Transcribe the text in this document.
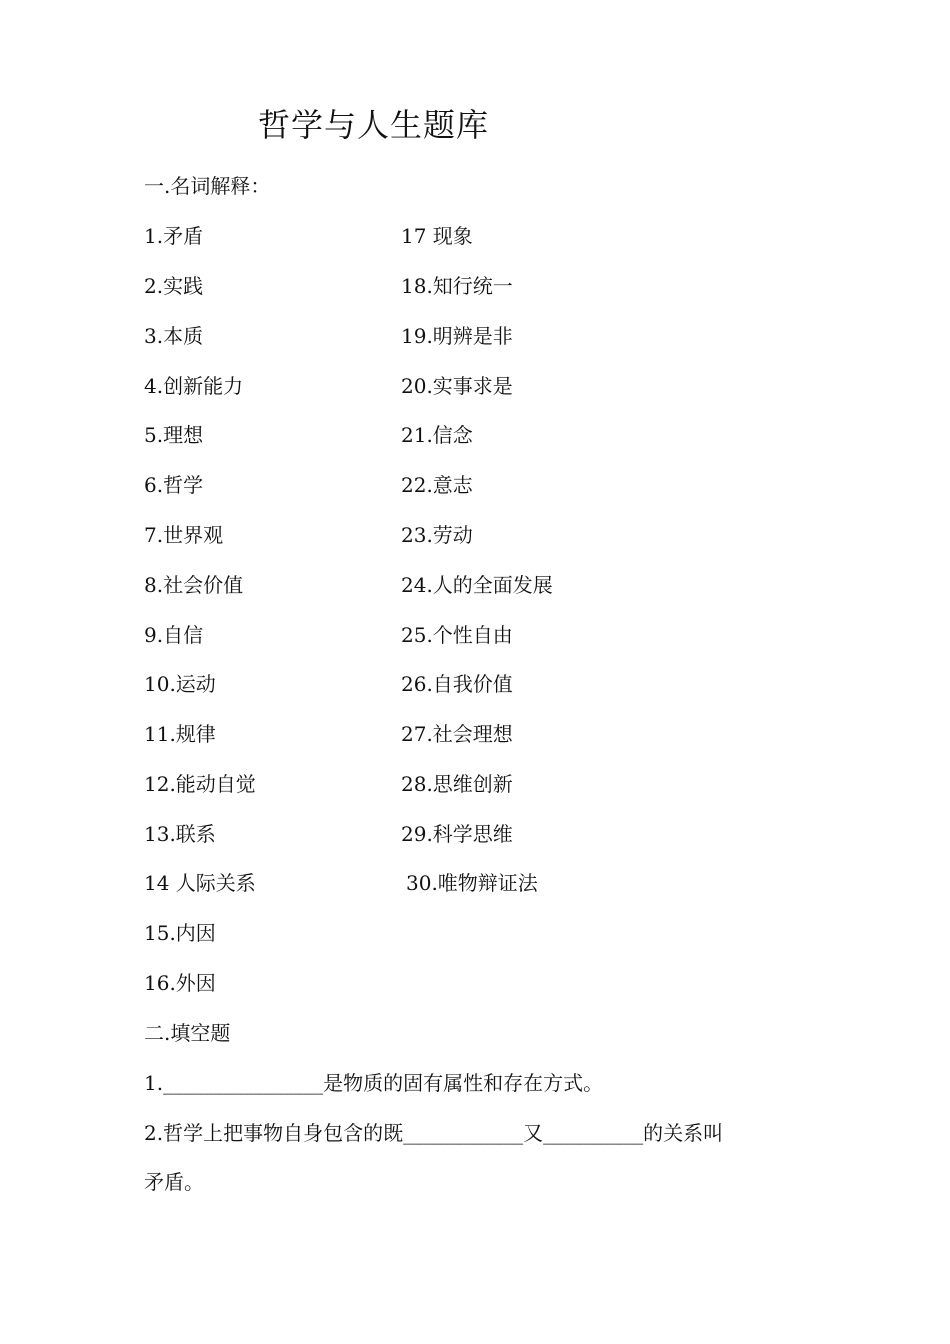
哲学与人生题库
一.名词解释：
1.矛盾
2.实践
3.本质
4.创新能力
5.理想
6.哲学
7.世界观
8.社会价值
9.自信
10.运动
11.规律
12.能动自觉
13.联系
14 人际关系
15.内因
16.外因
17 现象
18.知行统一
19.明辨是非
20.实事求是
21.信念
22.意志
23.劳动
24.人的全面发展
25.个性自由
26.自我价值
27.社会理想
28.思维创新
29.科学思维
30.唯物辩证法
二.填空题
1.________________是物质的固有属性和存在方式。
2.哲学上把事物自身包含的既____________又__________的关系叫
矛盾。
